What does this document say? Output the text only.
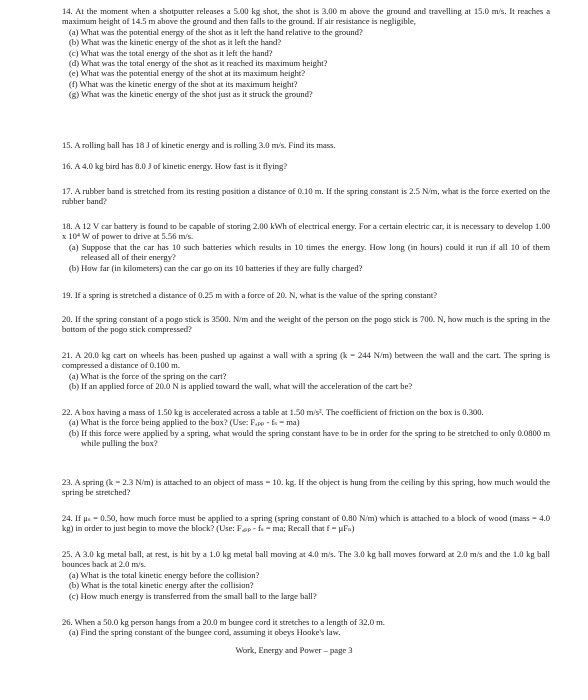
14. At the moment when a shotputter releases a 5.00 kg shot, the shot is 3.00 m above the ground and travelling at 15.0 m/s. It reaches a maximum height of 14.5 m above the ground and then falls to the ground. If air resistance is negligible,

(a) What was the potential energy of the shot as it left the hand relative to the ground?

(b) What was the kinetic energy of the shot as it left the hand?

(c) What was the total energy of the shot as it left the hand?

(d) What was the total energy of the shot as it reached its maximum height?

(e) What was the potential energy of the shot at its maximum height?

(f) What was the kinetic energy of the shot at its maximum height?

(g) What was the kinetic energy of the shot just as it struck the ground?

15. A rolling ball has 18 J of kinetic energy and is rolling 3.0 m/s. Find its mass.

16. A 4.0 kg bird has 8.0 J of kinetic energy. How fast is it flying?

17. A rubber band is stretched from its resting position a distance of 0.10 m. If the spring constant is 2.5 N/m, what is the force exerted on the rubber band?

18. A 12 V car battery is found to be capable of storing 2.00 kWh of electrical energy. For a certain electric car, it is necessary to develop 1.00 x 10⁴ W of power to drive at 5.56 m/s.

(a) Suppose that the car has 10 such batteries which results in 10 times the energy. How long (in hours) could it run if all 10 of them released all of their energy?

(b) How far (in kilometers) can the car go on its 10 batteries if they are fully charged?

19. If a spring is stretched a distance of 0.25 m with a force of 20. N, what is the value of the spring constant?

20. If the spring constant of a pogo stick is 3500. N/m and the weight of the person on the pogo stick is 700. N, how much is the spring in the bottom of the pogo stick compressed?

21. A 20.0 kg cart on wheels has been pushed up against a wall with a spring (k = 244 N/m) between the wall and the cart. The spring is compressed a distance of 0.100 m.

(a) What is the force of the spring on the cart?

(b) If an applied force of 20.0 N is applied toward the wall, what will the acceleration of the cart be?

22. A box having a mass of 1.50 kg is accelerated across a table at 1.50 m/s². The coefficient of friction on the box is 0.300.

(a) What is the force being applied to the box? (Use: Fₐₚₚ - fₛ = ma)

(b) If this force were applied by a spring, what would the spring constant have to be in order for the spring to be stretched to only 0.0800 m while pulling the box?

23. A spring (k = 2.3 N/m) is attached to an object of mass = 10. kg. If the object is hung from the ceiling by this spring, how much would the spring be stretched?

24. If μₛ = 0.50, how much force must be applied to a spring (spring constant of 0.80 N/m) which is attached to a block of wood (mass = 4.0 kg) in order to just begin to move the block? (Use: Fₐₚₚ - fₛ = ma; Recall that f = μFₙ)

25. A 3.0 kg metal ball, at rest, is hit by a 1.0 kg metal ball moving at 4.0 m/s. The 3.0 kg ball moves forward at 2.0 m/s and the 1.0 kg ball bounces back at 2.0 m/s.

(a) What is the total kinetic energy before the collision?

(b) What is the total kinetic energy after the collision?

(c) How much energy is transferred from the small ball to the large ball?

26. When a 50.0 kg person hangs from a 20.0 m bungee cord it stretches to a length of 32.0 m.

(a) Find the spring constant of the bungee cord, assuming it obeys Hooke's law.

Work, Energy and Power – page 3
